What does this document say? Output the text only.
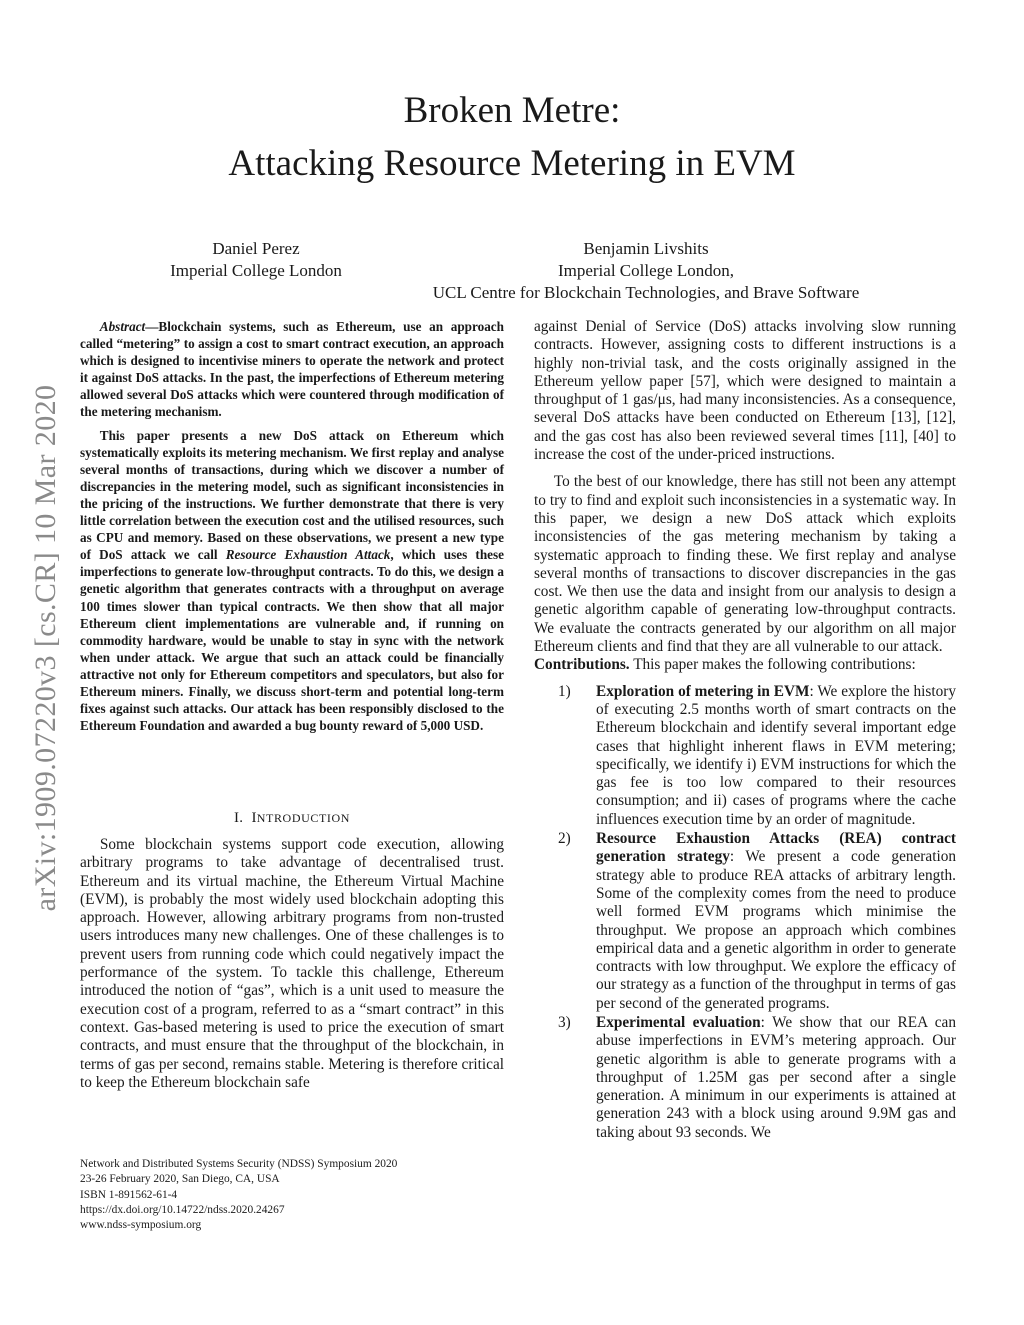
Broken Metre:
Attacking Resource Metering in EVM
Daniel Perez
Imperial College London
Benjamin Livshits
Imperial College London,
UCL Centre for Blockchain Technologies, and Brave Software
arXiv:1909.07220v3 [cs.CR] 10 Mar 2020

Abstract—Blockchain systems, such as Ethereum, use an approach called “metering” to assign a cost to smart contract execution, an approach which is designed to incentivise miners to operate the network and protect it against DoS attacks. In the past, the imperfections of Ethereum metering allowed several DoS attacks which were countered through modification of the metering mechanism.

This paper presents a new DoS attack on Ethereum which systematically exploits its metering mechanism. We first replay and analyse several months of transactions, during which we discover a number of discrepancies in the metering model, such as significant inconsistencies in the pricing of the instructions. We further demonstrate that there is very little correlation between the execution cost and the utilised resources, such as CPU and memory. Based on these observations, we present a new type of DoS attack we call Resource Exhaustion Attack, which uses these imperfections to generate low-throughput contracts. To do this, we design a genetic algorithm that generates contracts with a throughput on average 100 times slower than typical contracts. We then show that all major Ethereum client implementations are vulnerable and, if running on commodity hardware, would be unable to stay in sync with the network when under attack. We argue that such an attack could be financially attractive not only for Ethereum competitors and speculators, but also for Ethereum miners. Finally, we discuss short-term and potential long-term fixes against such attacks. Our attack has been responsibly disclosed to the Ethereum Foundation and awarded a bug bounty reward of 5,000 USD.

I. INTRODUCTION

Some blockchain systems support code execution, allowing arbitrary programs to take advantage of decentralised trust. Ethereum and its virtual machine, the Ethereum Virtual Machine (EVM), is probably the most widely used blockchain adopting this approach. However, allowing arbitrary programs from non-trusted users introduces many new challenges. One of these challenges is to prevent users from running code which could negatively impact the performance of the system. To tackle this challenge, Ethereum introduced the notion of “gas”, which is a unit used to measure the execution cost of a program, referred to as a “smart contract” in this context. Gas-based metering is used to price the execution of smart contracts, and must ensure that the throughput of the blockchain, in terms of gas per second, remains stable. Metering is therefore critical to keep the Ethereum blockchain safe

Network and Distributed Systems Security (NDSS) Symposium 2020
23-26 February 2020, San Diego, CA, USA
ISBN 1-891562-61-4
https://dx.doi.org/10.14722/ndss.2020.24267
www.ndss-symposium.org

against Denial of Service (DoS) attacks involving slow running contracts. However, assigning costs to different instructions is a highly non-trivial task, and the costs originally assigned in the Ethereum yellow paper [57], which were designed to maintain a throughput of 1 gas/μs, had many inconsistencies. As a consequence, several DoS attacks have been conducted on Ethereum [13], [12], and the gas cost has also been reviewed several times [11], [40] to increase the cost of the under-priced instructions.

To the best of our knowledge, there has still not been any attempt to try to find and exploit such inconsistencies in a systematic way. In this paper, we design a new DoS attack which exploits inconsistencies of the gas metering mechanism by taking a systematic approach to finding these. We first replay and analyse several months of transactions to discover discrepancies in the gas cost. We then use the data and insight from our analysis to design a genetic algorithm capable of generating low-throughput contracts. We evaluate the contracts generated by our algorithm on all major Ethereum clients and find that they are all vulnerable to our attack.

Contributions. This paper makes the following contributions:

1)	Exploration of metering in EVM: We explore the history of executing 2.5 months worth of smart contracts on the Ethereum blockchain and identify several important edge cases that highlight inherent flaws in EVM metering; specifically, we identify i) EVM instructions for which the gas fee is too low compared to their resources consumption; and ii) cases of programs where the cache influences execution time by an order of magnitude.
2)	Resource Exhaustion Attacks (REA) contract generation strategy: We present a code generation strategy able to produce REA attacks of arbitrary length. Some of the complexity comes from the need to produce well formed EVM programs which minimise the throughput. We propose an approach which combines empirical data and a genetic algorithm in order to generate contracts with low throughput. We explore the efficacy of our strategy as a function of the throughput in terms of gas per second of the generated programs.
3)	Experimental evaluation: We show that our REA can abuse imperfections in EVM’s metering approach. Our genetic algorithm is able to generate programs with a throughput of 1.25M gas per second after a single generation. A minimum in our experiments is attained at generation 243 with a block using around 9.9M gas and taking about 93 seconds. We
